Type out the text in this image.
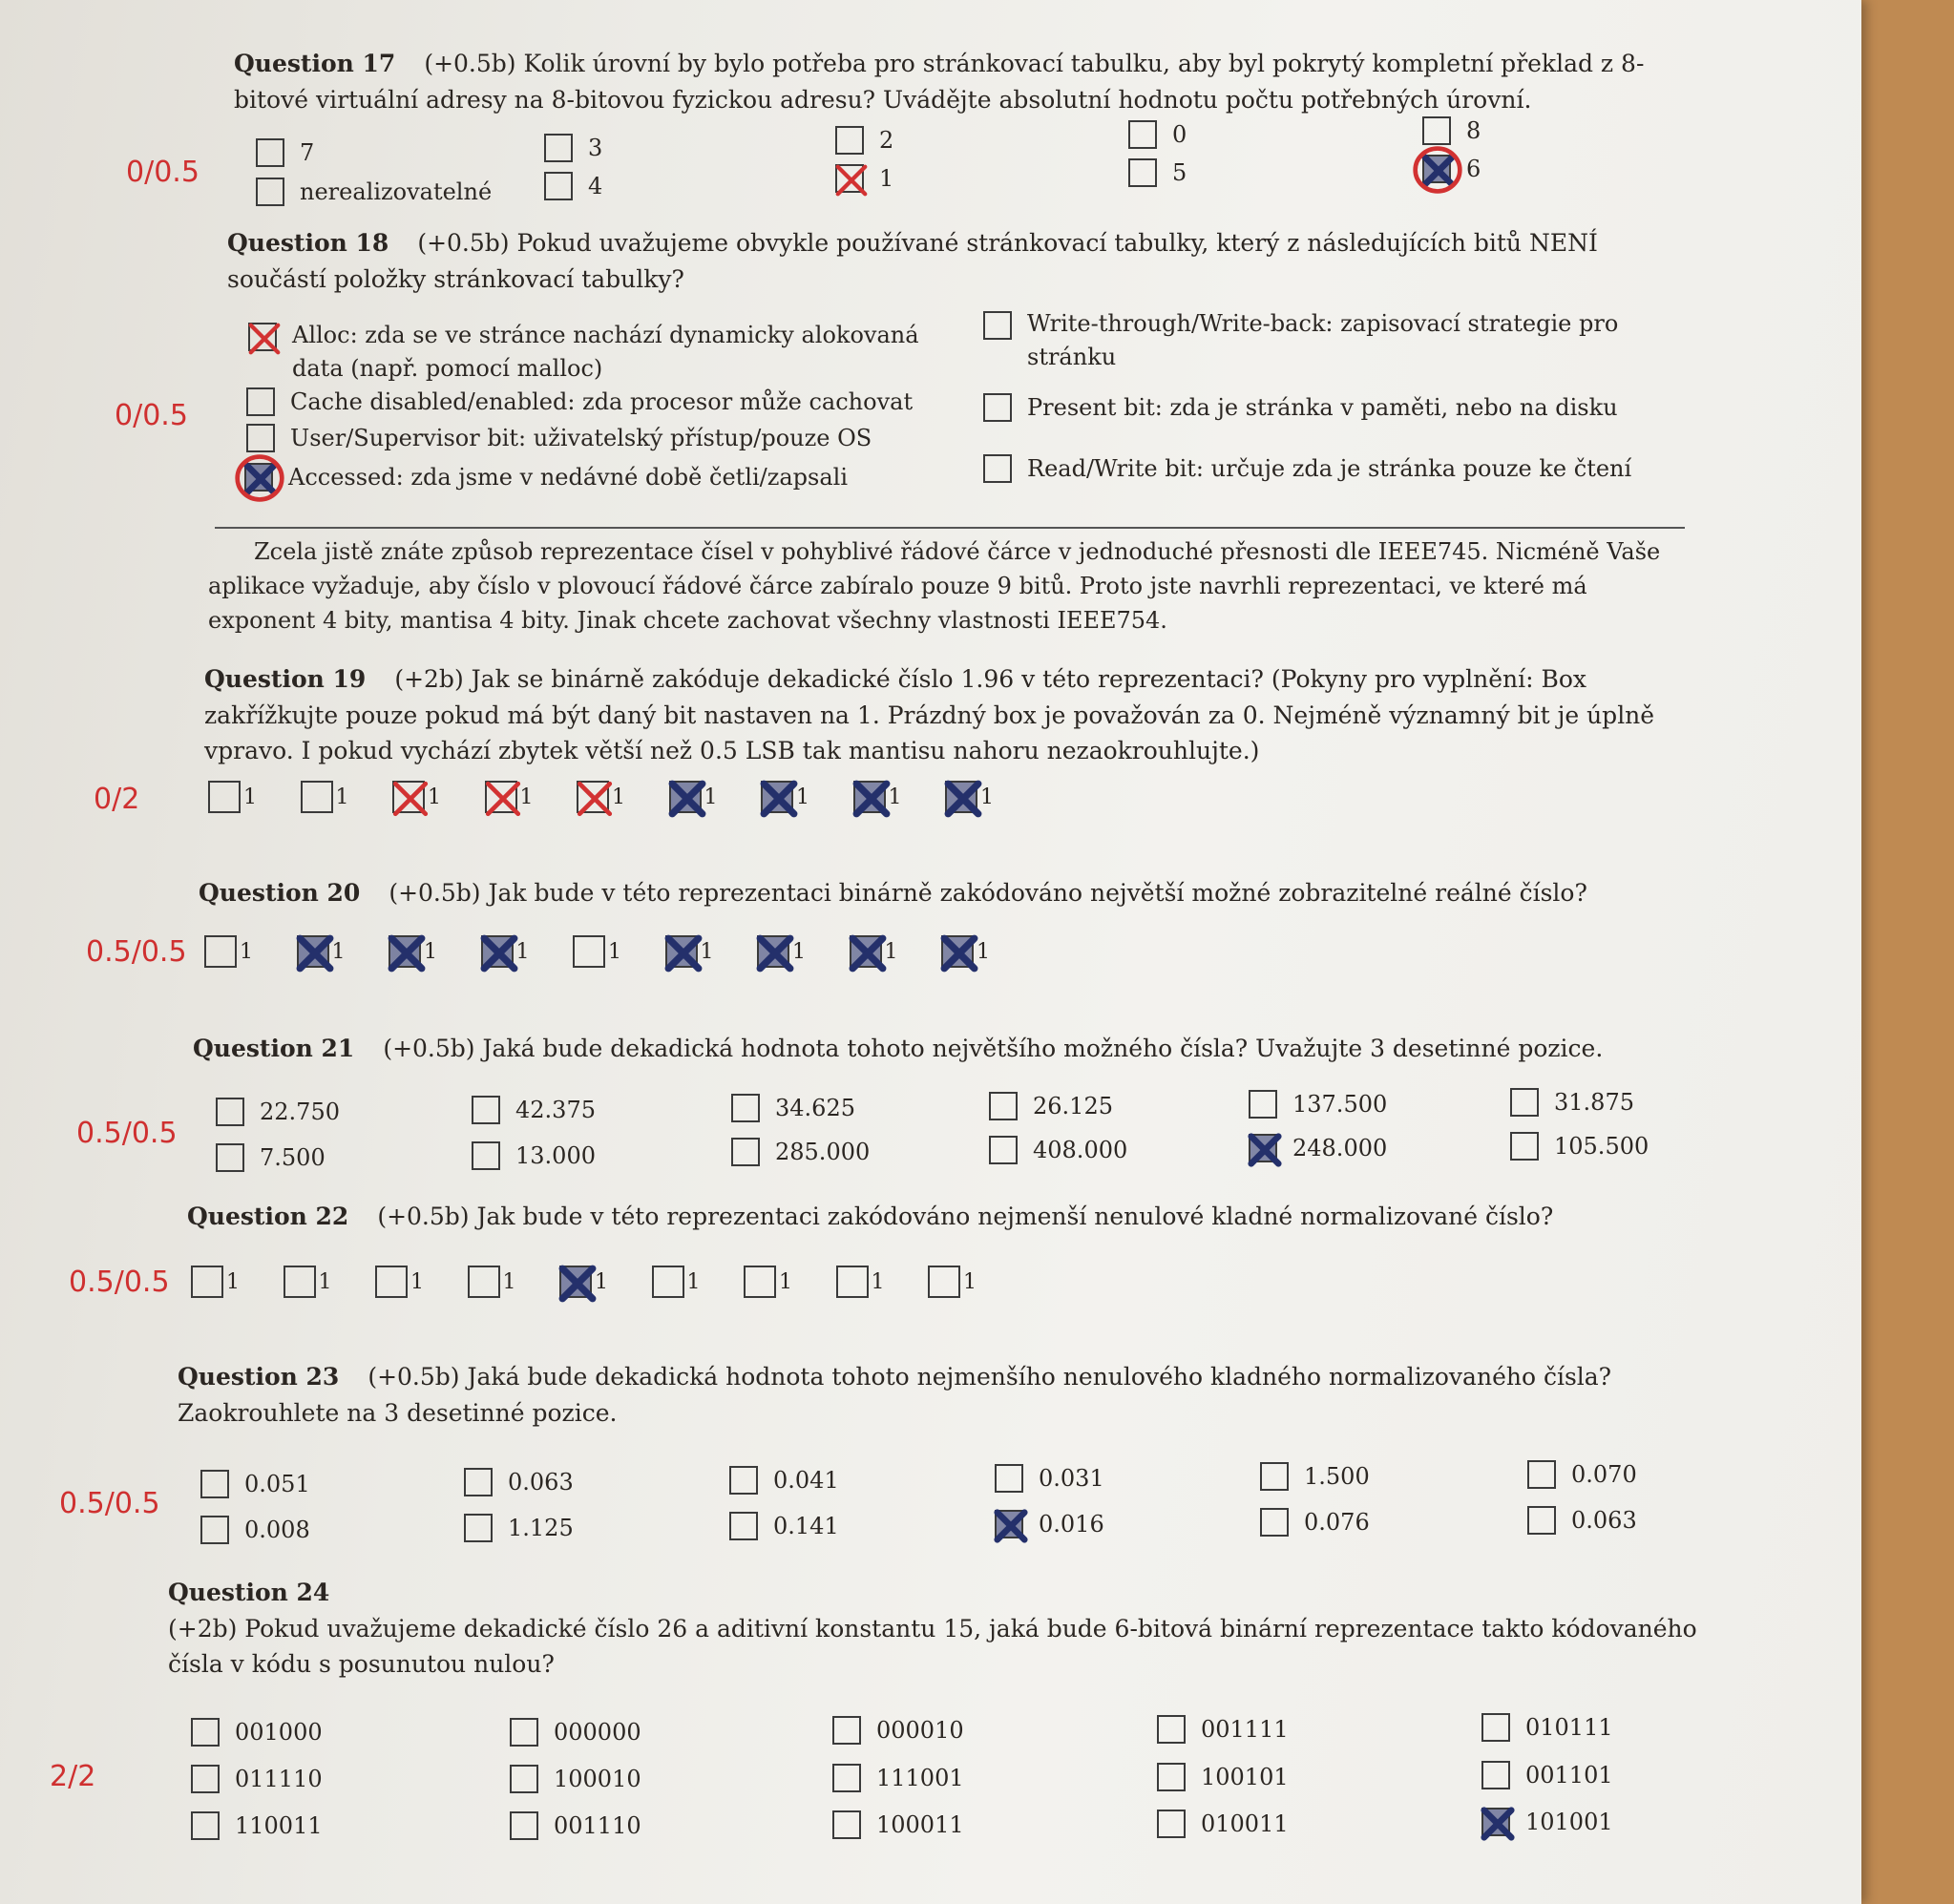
Question 17 (+0.5b) Kolik úrovní by bylo potřeba pro stránkovací tabulku, aby byl pokrytý kompletní překlad z 8-bitové virtuální adresy na 8-bitovou fyzickou adresu? Uvádějte absolutní hodnotu počtu potřebných úrovní.
0/0.5
7
nerealizovatelné
3
4
2
1
0
5
8
6
Question 18 (+0.5b) Pokud uvažujeme obvykle používané stránkovací tabulky, který z následujících bitů NENÍ součástí položky stránkovací tabulky?
0/0.5
Alloc: zda se ve stránce nachází dynamicky alokovaná data (např. pomocí malloc)
Cache disabled/enabled: zda procesor může cachovat
User/Supervisor bit: uživatelský přístup/pouze OS
Accessed: zda jsme v nedávné době četli/zapsali
Write-through/Write-back: zapisovací strategie pro stránku
Present bit: zda je stránka v paměti, nebo na disku
Read/Write bit: určuje zda je stránka pouze ke čtení
Zcela jistě znáte způsob reprezentace čísel v pohyblivé řádové čárce v jednoduché přesnosti dle IEEE745. Nicméně Vaše aplikace vyžaduje, aby číslo v plovoucí řádové čárce zabíralo pouze 9 bitů. Proto jste navrhli reprezentaci, ve které má exponent 4 bity, mantisa 4 bity. Jinak chcete zachovat všechny vlastnosti IEEE754.
Question 19 (+2b) Jak se binárně zakóduje dekadické číslo 1.96 v této reprezentaci? (Pokyny pro vyplnění: Box zakřížkujte pouze pokud má být daný bit nastaven na 1. Prázdný box je považován za 0. Nejméně významný bit je úplně vpravo. I pokud vychází zbytek větší než 0.5 LSB tak mantisu nahoru nezaokrouhlujte.)
0/2	1	1	1	1	1	1	1	1	1
Question 20 (+0.5b) Jak bude v této reprezentaci binárně zakódováno největší možné zobrazitelné reálné číslo?
0.5/0.5	1	1	1	1	1	1	1	1	1
Question 21 (+0.5b) Jaká bude dekadická hodnota tohoto největšího možného čísla? Uvažujte 3 desetinné pozice.
0.5/0.5
22.750
7.500
42.375
13.000
34.625
285.000
26.125
408.000
137.500
248.000
31.875
105.500
Question 22 (+0.5b) Jak bude v této reprezentaci zakódováno nejmenší nenulové kladné normalizované číslo?
0.5/0.5	1	1	1	1	1	1	1	1	1
Question 23 (+0.5b) Jaká bude dekadická hodnota tohoto nejmenšího nenulového kladného normalizovaného čísla? Zaokrouhlete na 3 desetinné pozice.
0.5/0.5
0.051
0.008
0.063
1.125
0.041
0.141
0.031
0.016
1.500
0.076
0.070
0.063
Question 24
(+2b) Pokud uvažujeme dekadické číslo 26 a aditivní konstantu 15, jaká bude 6-bitová binární reprezentace takto kódovaného čísla v kódu s posunutou nulou?
2/2
001000
011110
110011
000000
100010
001110
000010
111001
100011
001111
100101
010011
010111
001101
101001
